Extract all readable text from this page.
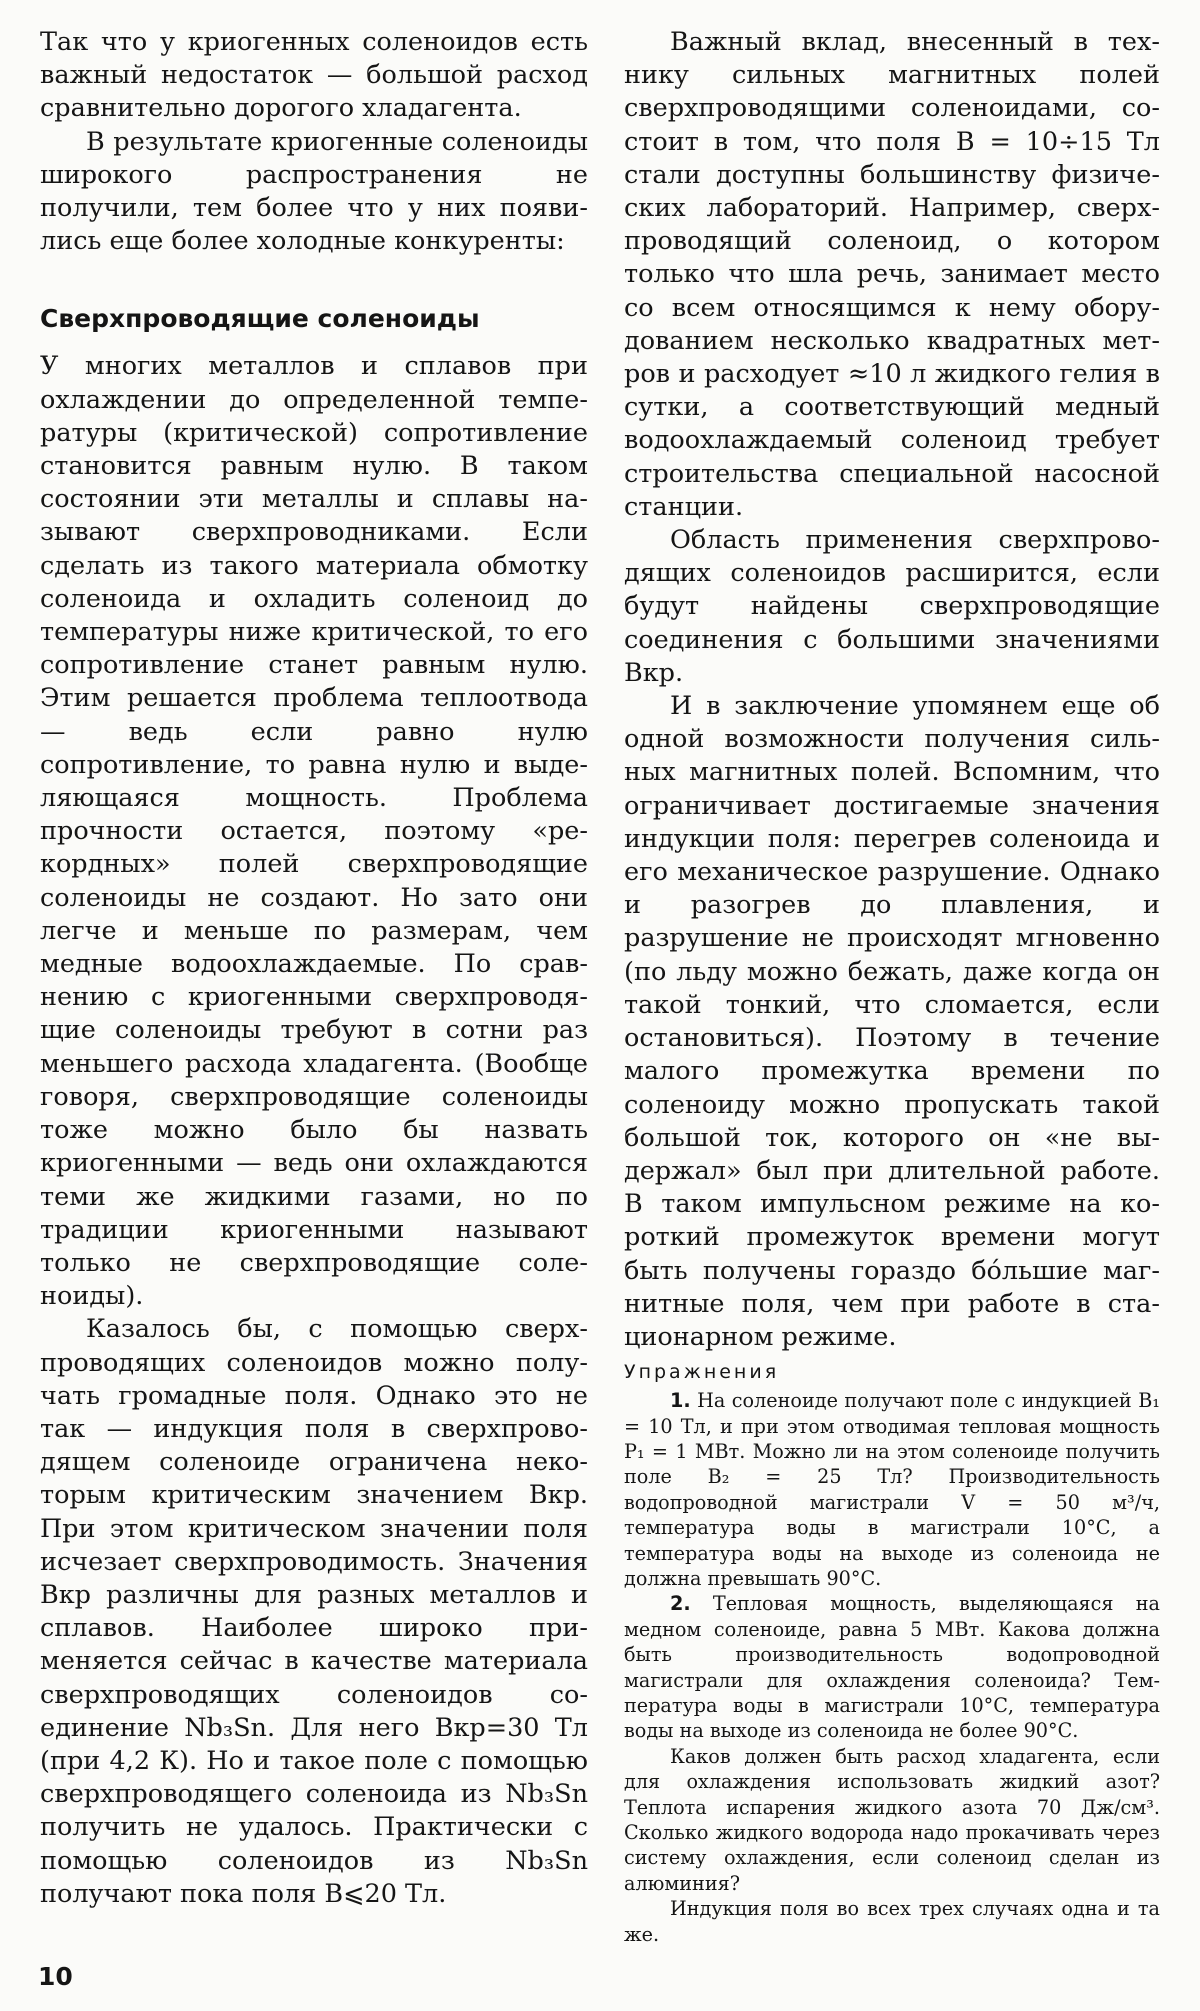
Так что у криогенных соленоидов есть важный недостаток — большой расход сравнительно дорогого хладагента.

В результате криогенные соленоиды широкого распространения не получили, тем более что у них появились еще более холодные конкуренты:

Сверхпроводящие соленоиды

У многих металлов и сплавов при охлаждении до определенной температуры (критической) сопротивление становится равным нулю. В таком состоянии эти металлы и сплавы называют сверхпроводниками. Если сделать из такого материала обмотку соленоида и охладить соленоид до температуры ниже критической, то его сопротивление станет равным нулю. Этим решается проблема теплоотвода — ведь если равно нулю сопротивление, то равна нулю и выделяющаяся мощность. Проблема прочности остается, поэтому «рекордных» полей сверхпроводящие соленоиды не создают. Но зато они легче и меньше по размерам, чем медные водоохлаждаемые. По сравнению с криогенными сверхпроводящие соленоиды требуют в сотни раз меньшего расхода хладагента. (Вообще говоря, сверхпроводящие соленоиды тоже можно было бы назвать криогенными — ведь они охлаждаются теми же жидкими газами, но по традиции криогенными называют только не сверхпроводящие соленоиды).

Казалось бы, с помощью сверхпроводящих соленоидов можно получать громадные поля. Однако это не так — индукция поля в сверхпроводящем соленоиде ограничена некоторым критическим значением Bкр. При этом критическом значении поля исчезает сверхпроводимость. Значения Bкр различны для разных металлов и сплавов. Наиболее широко применяется сейчас в качестве материала сверхпроводящих соленоидов соединение Nb₃Sn. Для него Bкр=30 Тл (при 4,2 К). Но и такое поле с помощью сверхпроводящего соленоида из Nb₃Sn получить не удалось. Практически с помощью соленоидов из Nb₃Sn получают пока поля B⩽20 Тл.

Важный вклад, внесенный в технику сильных магнитных полей сверхпроводящими соленоидами, состоит в том, что поля B = 10÷15 Тл стали доступны большинству физических лабораторий. Например, сверхпроводящий соленоид, о котором только что шла речь, занимает место со всем относящимся к нему оборудованием несколько квадратных метров и расходует ≈10 л жидкого гелия в сутки, а соответствующий медный водоохлаждаемый соленоид требует строительства специальной насосной станции.

Область применения сверхпроводящих соленоидов расширится, если будут найдены сверхпроводящие соединения с большими значениями Bкр.

И в заключение упомянем еще об одной возможности получения сильных магнитных полей. Вспомним, что ограничивает достигаемые значения индукции поля: перегрев соленоида и его механическое разрушение. Однако и разогрев до плавления, и разрушение не происходят мгновенно (по льду можно бежать, даже когда он такой тонкий, что сломается, если остановиться). Поэтому в течение малого промежутка времени по соленоиду можно пропускать такой большой ток, которого он «не выдержал» был при длительной работе. В таком импульсном режиме на короткий промежуток времени могут быть получены гораздо бо́льшие магнитные поля, чем при работе в стационарном режиме.

Упражнения

1. На соленоиде получают поле с индукцией B₁ = 10 Тл, и при этом отводимая тепловая мощность P₁ = 1 МВт. Можно ли на этом соленоиде получить поле B₂ = 25 Тл? Производительность водопроводной магистрали V = 50 м³/ч, температура воды в магистрали 10°С, а температура воды на выходе из соленоида не должна превышать 90°С.

2. Тепловая мощность, выделяющаяся на медном соленоиде, равна 5 МВт. Какова должна быть производительность водопроводной магистрали для охлаждения соленоида? Температура воды в магистрали 10°С, температура воды на выходе из соленоида не более 90°С.

Каков должен быть расход хладагента, если для охлаждения использовать жидкий азот? Теплота испарения жидкого азота 70 Дж/см³. Сколько жидкого водорода надо прокачивать через систему охлаждения, если соленоид сделан из алюминия?

Индукция поля во всех трех случаях одна и та же.

10
